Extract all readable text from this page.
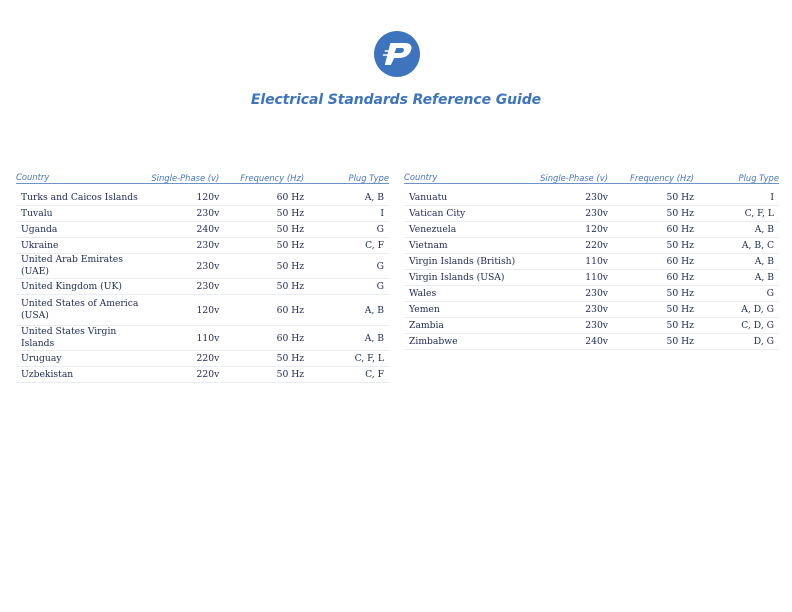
Electrical Standards Reference Guide
Country	Single-Phase (v)	Frequency (Hz)	Plug Type
Turks and Caicos Islands	120v	60 Hz	A, B
Tuvalu	230v	50 Hz	I
Uganda	240v	50 Hz	G
Ukraine	230v	50 Hz	C, F
United Arab Emirates (UAE)	230v	50 Hz	G
United Kingdom (UK)	230v	50 Hz	G
United States of America (USA)	120v	60 Hz	A, B
United States Virgin Islands	110v	60 Hz	A, B
Uruguay	220v	50 Hz	C, F, L
Uzbekistan	220v	50 Hz	C, F
Country	Single-Phase (v)	Frequency (Hz)	Plug Type
Vanuatu	230v	50 Hz	I
Vatican City	230v	50 Hz	C, F, L
Venezuela	120v	60 Hz	A, B
Vietnam	220v	50 Hz	A, B, C
Virgin Islands (British)	110v	60 Hz	A, B
Virgin Islands (USA)	110v	60 Hz	A, B
Wales	230v	50 Hz	G
Yemen	230v	50 Hz	A, D, G
Zambia	230v	50 Hz	C, D, G
Zimbabwe	240v	50 Hz	D, G
